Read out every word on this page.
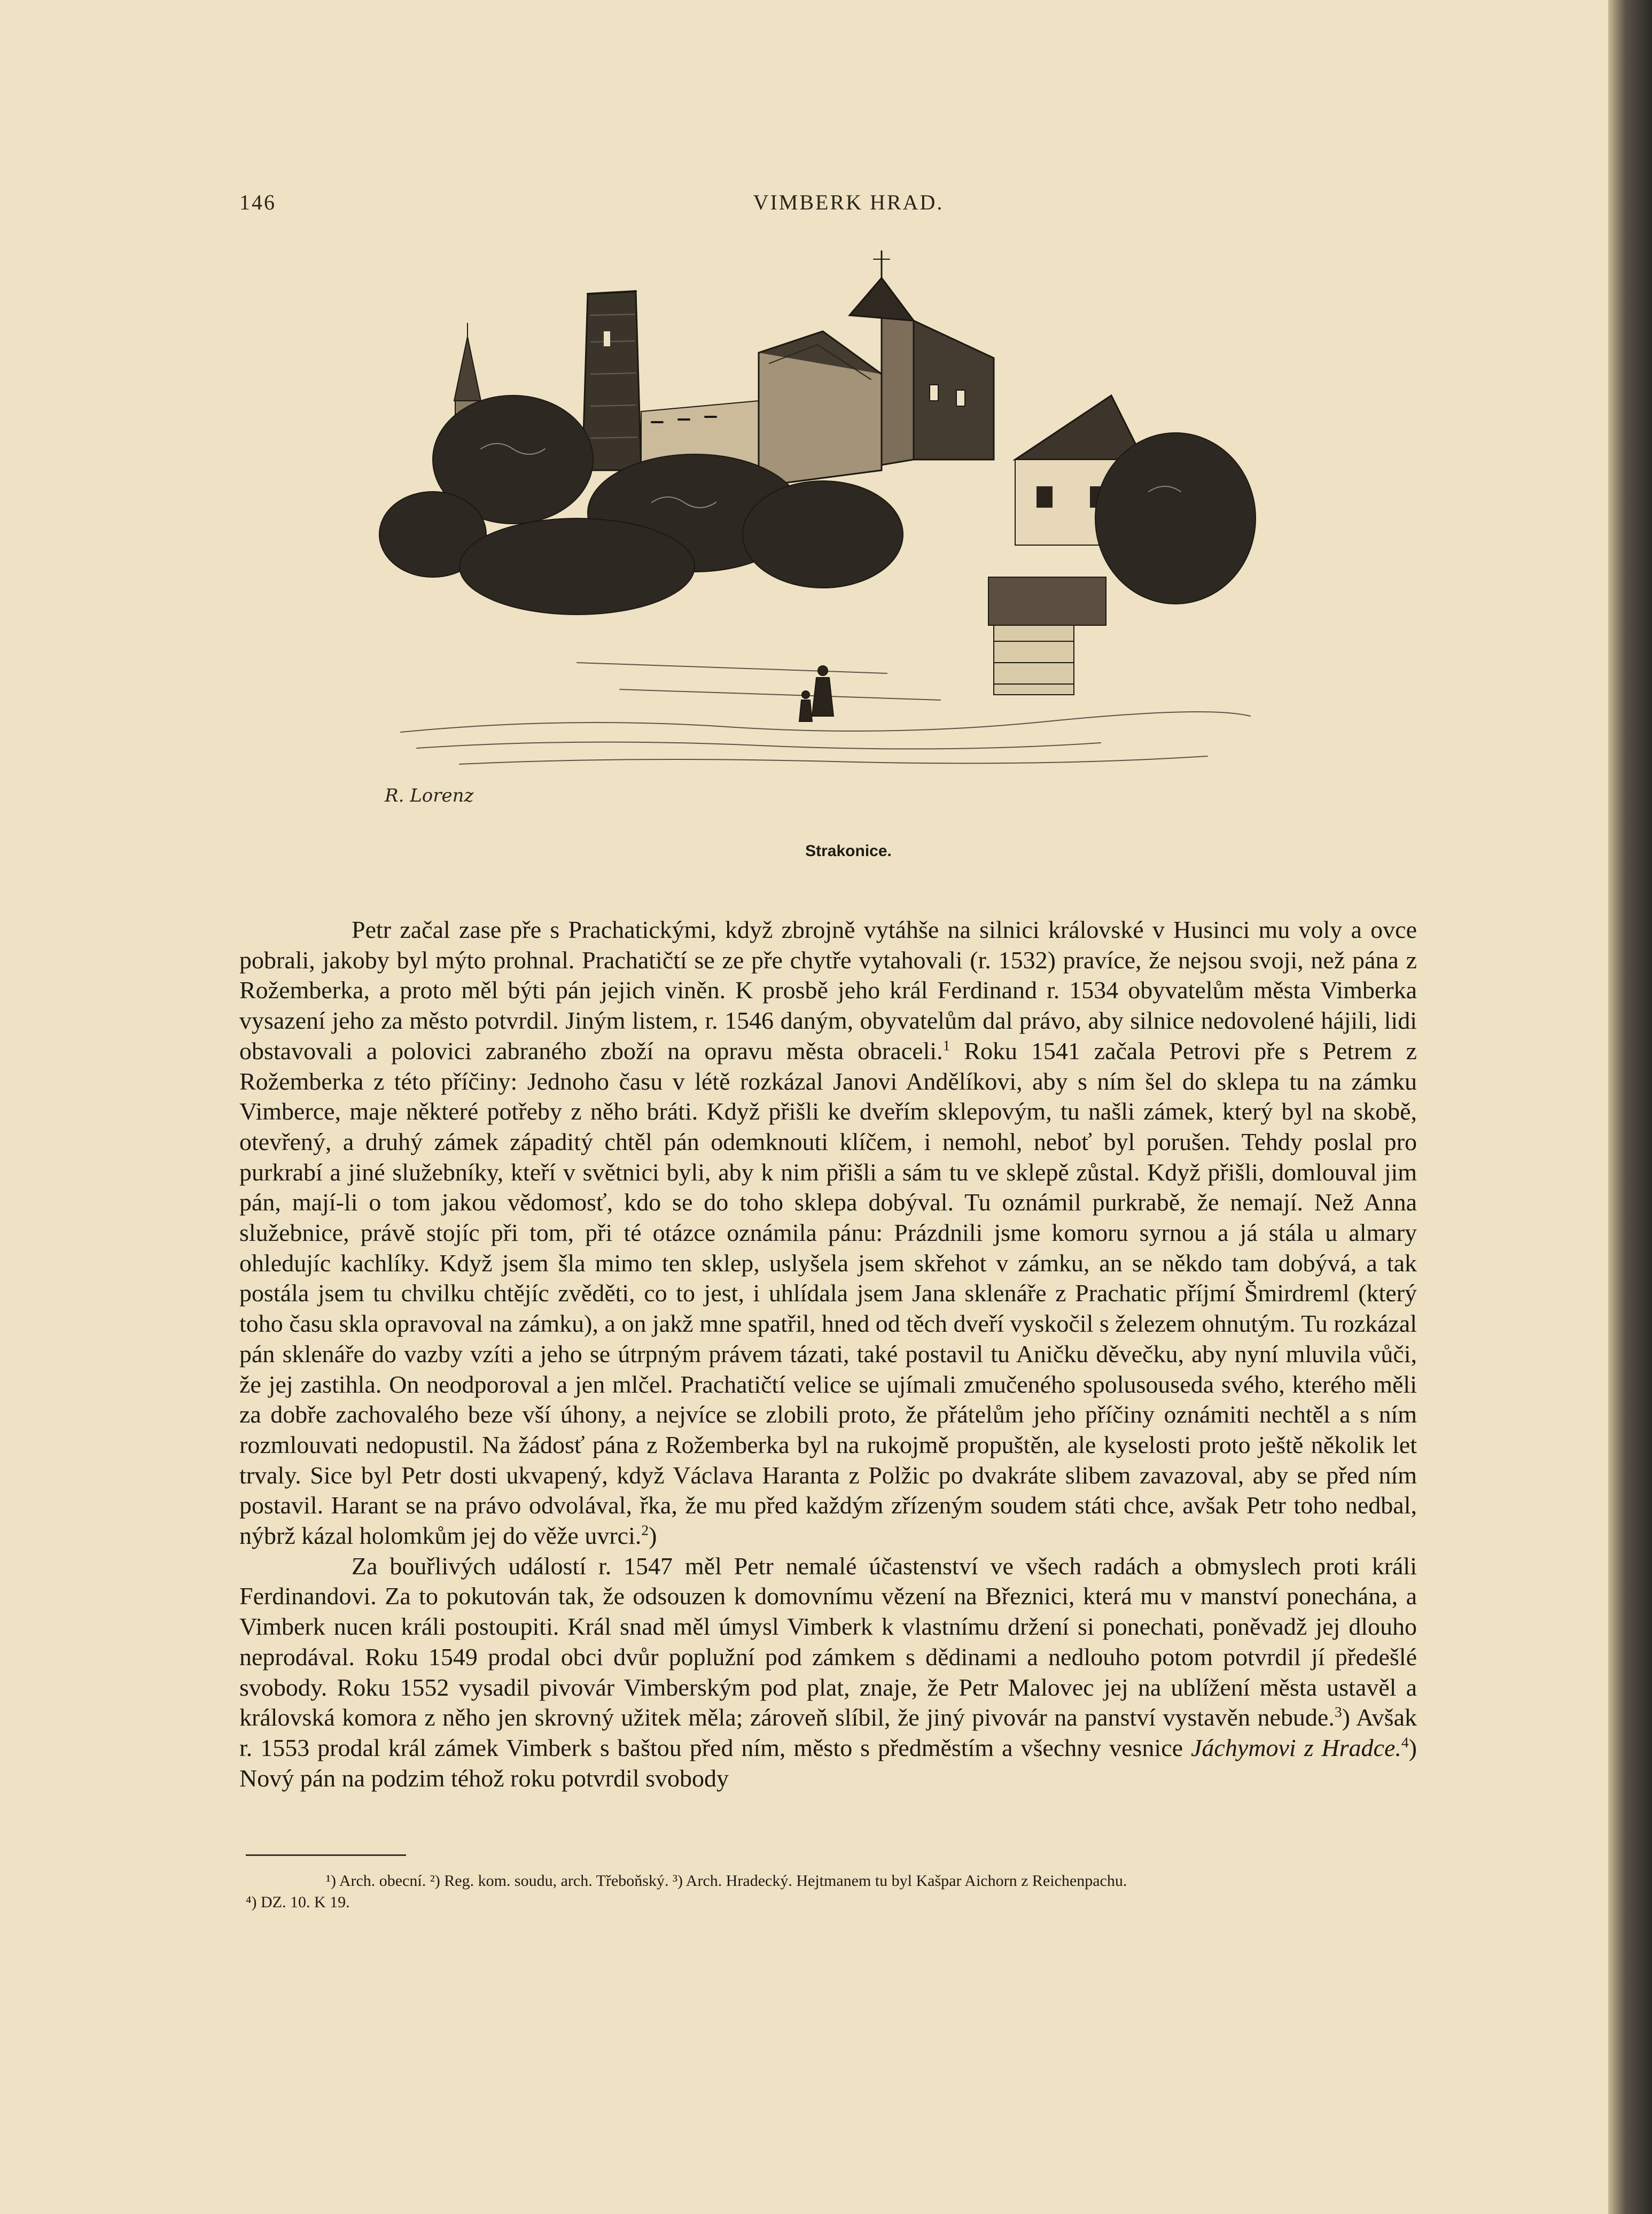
146	VIMBERK HRAD.
R. Lorenz
Strakonice.

Petr začal zase pře s Prachatickými, když zbrojně vytáhše na silnici královské v Husinci mu voly a ovce pobrali, jakoby byl mýto prohnal. Prachatičtí se ze pře chytře vytahovali (r. 1532) pravíce, že nejsou svoji, než pána z Rožemberka, a proto měl býti pán jejich viněn. K prosbě jeho král Ferdinand r. 1534 obyvatelům města Vimberka vysazení jeho za město potvrdil. Jiným listem, r. 1546 daným, obyvatelům dal právo, aby silnice nedovolené hájili, lidi obstavovali a polovici zabraného zboží na opravu města obraceli.$^1$ Roku 1541 začala Petrovi pře s Petrem z Rožemberka z této příčiny: Jednoho času v létě rozkázal Janovi Andělíkovi, aby s ním šel do sklepa tu na zámku Vimberce, maje některé potřeby z něho bráti. Když přišli ke dveřím sklepovým, tu našli zámek, který byl na skobě, otevřený, a druhý zámek západitý chtěl pán odemknouti klíčem, i nemohl, neboť byl porušen. Tehdy poslal pro purkrabí a jiné služebníky, kteří v světnici byli, aby k nim přišli a sám tu ve sklepě zůstal. Když přišli, domlouval jim pán, mají-li o tom jakou vědomosť, kdo se do toho sklepa dobýval. Tu oznámil purkrabě, že nemají. Než Anna služebnice, právě stojíc při tom, při té otázce oznámila pánu: Prázdnili jsme komoru syrnou a já stála u almary ohledujíc kachlíky. Když jsem šla mimo ten sklep, uslyšela jsem skřehot v zámku, an se někdo tam dobývá, a tak postála jsem tu chvilku chtějíc zvěděti, co to jest, i uhlídala jsem Jana sklenáře z Prachatic příjmí Šmirdreml (který toho času skla opravoval na zámku), a on jakž mne spatřil, hned od těch dveří vyskočil s železem ohnutým. Tu rozkázal pán sklenáře do vazby vzíti a jeho se útrpným právem tázati, také postavil tu Aničku děvečku, aby nyní mluvila vůči, že jej zastihla. On neodporoval a jen mlčel. Prachatičtí velice se ujímali zmučeného spolusouseda svého, kterého měli za dobře zachovalého beze vší úhony, a nejvíce se zlobili proto, že přátelům jeho příčiny oznámiti nechtěl a s ním rozmlouvati nedopustil. Na žádosť pána z Rožemberka byl na rukojmě propuštěn, ale kyselosti proto ještě několik let trvaly. Sice byl Petr dosti ukvapený, když Václava Haranta z Polžic po dvakráte slibem zavazoval, aby se před ním postavil. Harant se na právo odvolával, řka, že mu před každým zřízeným soudem státi chce, avšak Petr toho nedbal, nýbrž kázal holomkům jej do věže uvrci.$^2$)

Za bouřlivých událostí r. 1547 měl Petr nemalé účastenství ve všech radách a obmyslech proti králi Ferdinandovi. Za to pokutován tak, že odsouzen k domovnímu vězení na Březnici, která mu v manství ponechána, a Vimberk nucen králi postoupiti. Král snad měl úmysl Vimberk k vlastnímu držení si ponechati, poněvadž jej dlouho neprodával. Roku 1549 prodal obci dvůr poplužní pod zámkem s dědinami a nedlouho potom potvrdil jí předešlé svobody. Roku 1552 vysadil pivovár Vimberským pod plat, znaje, že Petr Malovec jej na ublížení města ustavěl a královská komora z něho jen skrovný užitek měla; zároveň slíbil, že jiný pivovár na panství vystavěn nebude.$^3$) Avšak r. 1553 prodal král zámek Vimberk s baštou před ním, město s předměstím a všechny vesnice Jáchymovi z Hradce.$^4$) Nový pán na podzim téhož roku potvrdil svobody

¹) Arch. obecní. ²) Reg. kom. soudu, arch. Třeboňský. ³) Arch. Hradecký. Hejtmanem tu byl Kašpar Aichorn z Reichenpachu.
⁴) DZ. 10. K 19.
